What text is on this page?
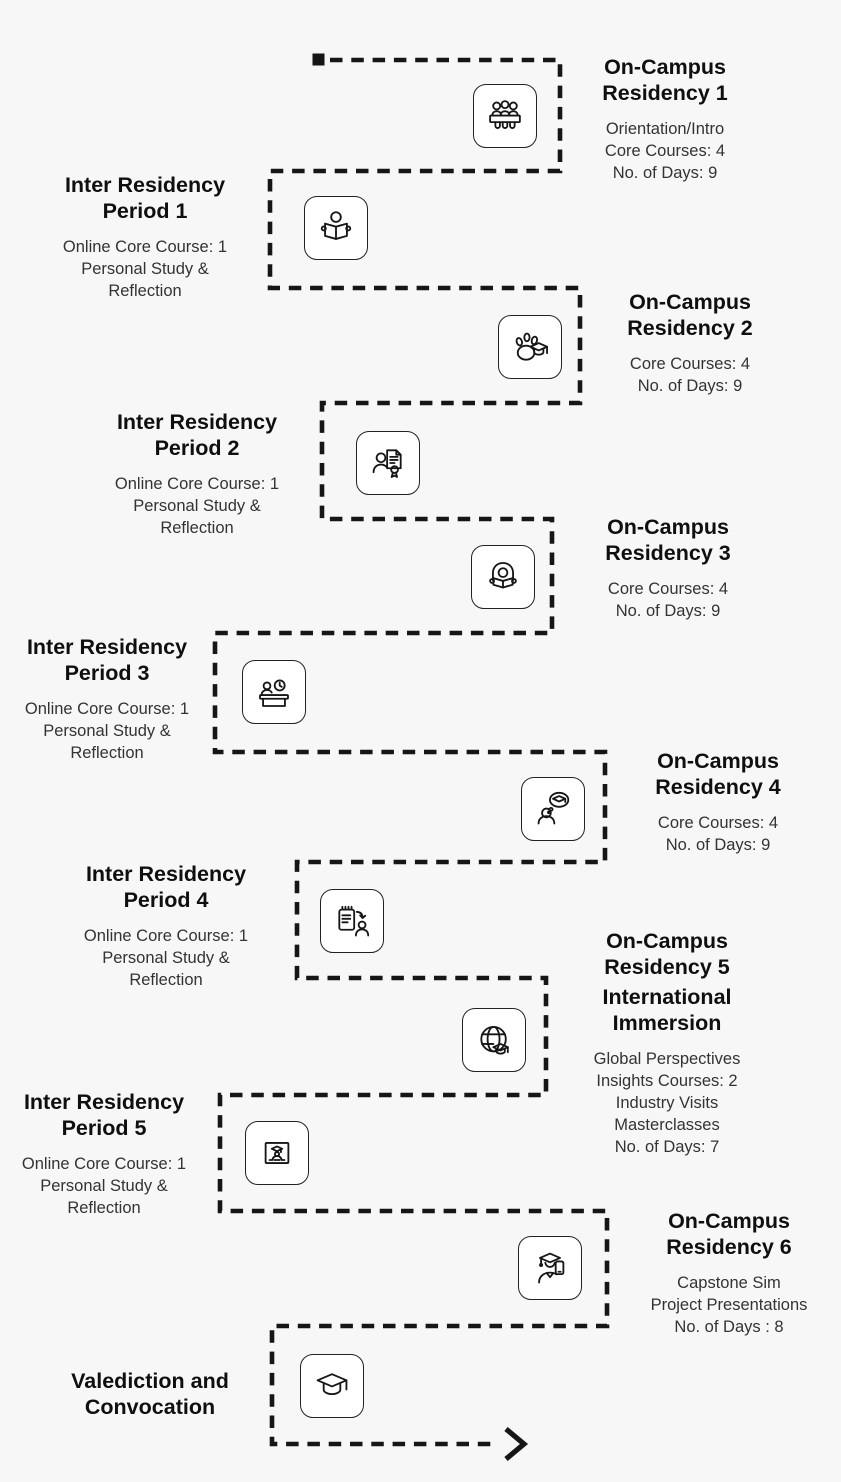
On-Campus Residency 1
Orientation/Intro
Core Courses: 4
No. of Days: 9
Inter Residency Period 1
Online Core Course: 1
Personal Study &
Reflection	On-Campus Residency 2
Core Courses: 4
No. of Days: 9
Inter Residency Period 2
Online Core Course: 1
Personal Study &
Reflection	On-Campus Residency 3
Core Courses: 4
No. of Days: 9
Inter Residency Period 3
Online Core Course: 1
Personal Study &
Reflection	On-Campus Residency 4
Core Courses: 4
No. of Days: 9
Inter Residency Period 4
Online Core Course: 1
Personal Study &
Reflection
On-Campus Residency 5
International Immersion
Global Perspectives
Insights Courses: 2
Industry Visits
Masterclasses
No. of Days: 7
Inter Residency Period 5
Online Core Course: 1
Personal Study &
Reflection
On-Campus Residency 6
Capstone Sim
Project Presentations
No. of Days : 8
Valediction and Convocation
